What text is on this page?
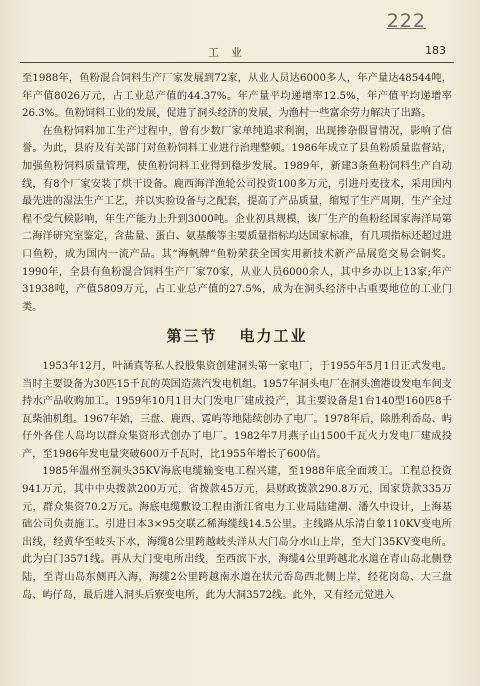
222
工业	183

至1988年，鱼粉混合饲料生产厂家发展到72家，从业人员达6000多人，年产量达48544吨，年产值8026万元，占工业总产值的44.37%。年产量平均递增率12.5%，年产值平均递增率26.3%。鱼粉饲料工业的发展，促进了洞头经济的发展，为渔村一些富余劳力解决了出路。

在鱼粉饲料加工生产过程中，曾有少数厂家单纯追求利润，出现掺杂假冒情况，影响了信誉。为此，县府及有关部门对鱼粉饲料工业进行治理整顿。1986年成立了县鱼粉质量监督站，加强鱼粉饲料质量管理，使鱼粉饲料工业得到稳步发展。1989年，新建3条鱼粉饲料生产自动线，有8个厂家安装了烘干设备。鹿西海洋渔轮公司投资100多万元，引进丹麦技术，采用国内最先进的湿法生产工艺，并以实验设备与之配套，提高了产品质量，缩短了生产周期，生产全过程不受气候影响，年生产能力上升到3000吨。企业初具规模，该厂生产的鱼粉经国家海洋局第二海洋研究室鉴定，含盐量、蛋白、氨基酸等主要质量指标均达国家标准，有几项指标还超过进口鱼粉，成为国内一流产品。其“海帆牌”鱼粉荣获全国实用新技术新产品展览交易会铜奖。1990年，全县有鱼粉混合饲料生产厂家70家，从业人员6000余人，其中乡办以上13家;年产31938吨，产值5809万元，占工业总产值的27.5%，成为在洞头经济中占重要地位的工业门类。

第三节 电力工业

1953年12月，叶涵真等私人投股集资创建洞头第一家电厂，于1955年5月1日正式发电。当时主要设备为30匹15千瓦的英国造蒸汽发电机组。1957年洞头电厂在洞头渔港设发电车间支持水产品收购加工。1959年10月1日大门发电厂建成投产，其主要设备是1台140型160匹8千瓦柴油机组。1967年始，三盘、鹿西、霓屿等地陆续创办了电厂。1978年后，除胜利岙岛、屿仔外各住人岛均以群众集资形式创办了电厂。1982年7月燕子山1500千瓦火力发电厂建成投产，至1986年发电量突破600万千瓦时，比1955年增长了600倍。

1985年温州至洞头35KV海底电缆输变电工程兴建，至1988年底全面竣工。工程总投资941万元，其中中央拨款200万元，省拨款45万元，县财政拨款290.8万元，国家贷款335万元，群众集资70.2万元。海底电缆敷设工程由浙江省电力工业局陆建潮、潘久中设计，上海基础公司负责施工。引进日本3×95交联乙稀海缆线14.5公里。主线路从乐清白象110KV变电所出线，经黄华至岐头下水，海缆8公里跨越岐头洋从大门岛分水山上岸，至大门35KV变电所。此为白门3571线。再从大门变电所出线，至西滨下水，海缆4公里跨越北水道在青山岛北侧登陆，至青山岛东侧再入海，海缆2公里跨越南水道在状元岙岛西北侧上岸，经花岗岛、大三盘岛、屿仔岛，最后进入洞头后寮变电所，此为大洞3572线。此外，又有经元觉进入
